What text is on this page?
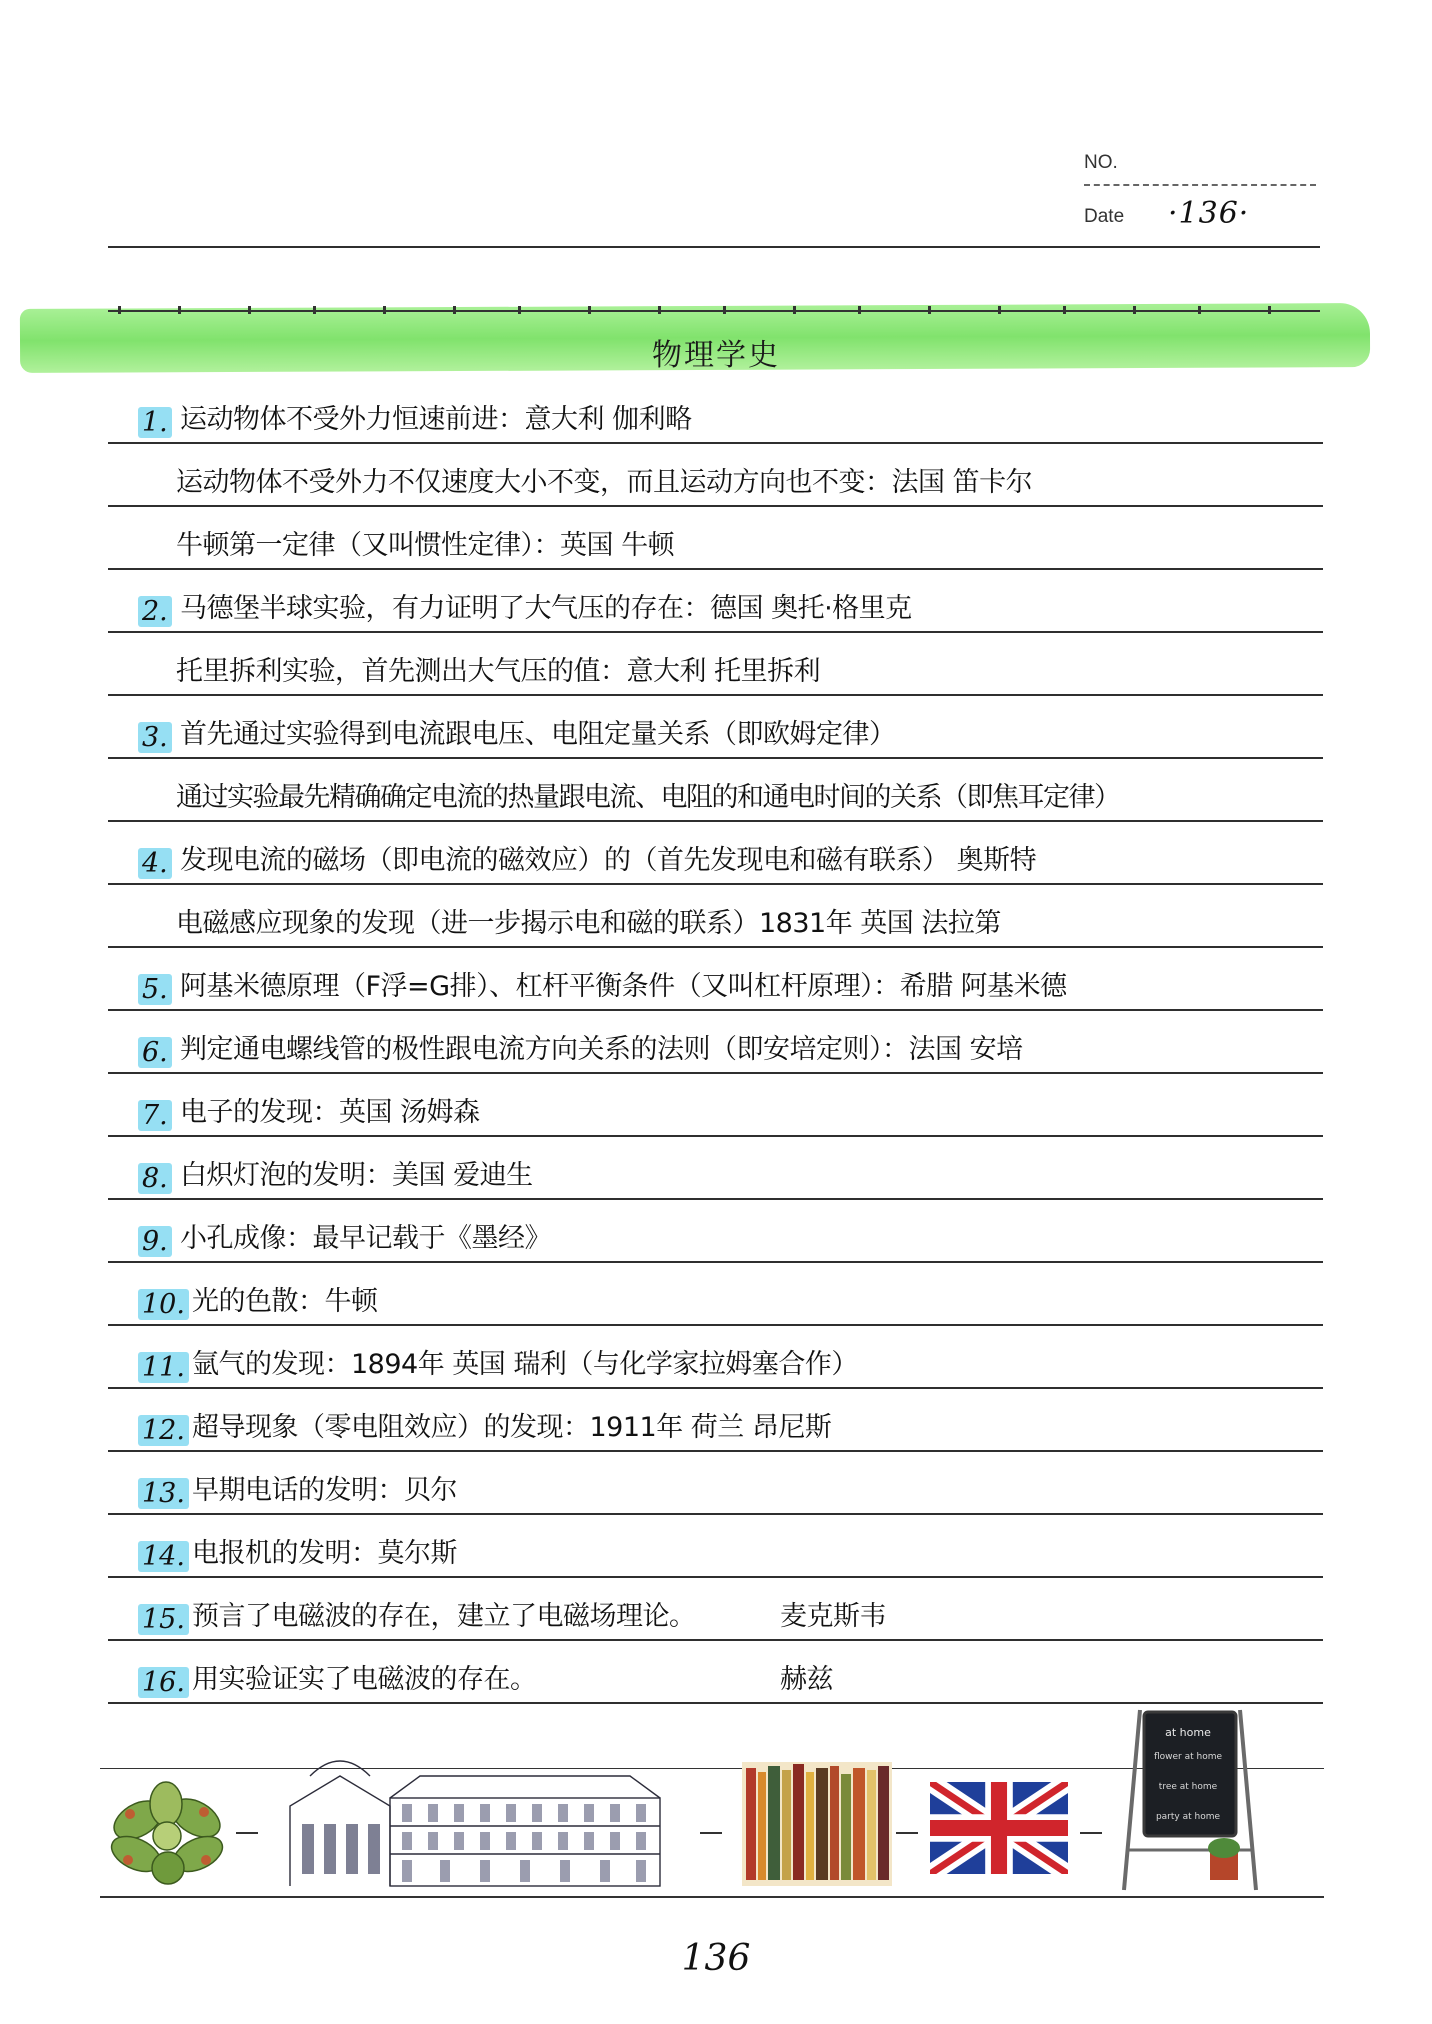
NO.
Date ·136·
物理学史
1. 运动物体不受外力恒速前进：意大利 伽利略
运动物体不受外力不仅速度大小不变，而且运动方向也不变：法国 笛卡尔
牛顿第一定律（又叫惯性定律）：英国 牛顿
2. 马德堡半球实验，有力证明了大气压的存在：德国 奥托·格里克
托里拆利实验，首先测出大气压的值：意大利 托里拆利
3. 首先通过实验得到电流跟电压、电阻定量关系（即欧姆定律）
通过实验最先精确确定电流的热量跟电流、电阻的和通电时间的关系（即焦耳定律）
4. 发现电流的磁场（即电流的磁效应）的（首先发现电和磁有联系） 奥斯特
电磁感应现象的发现（进一步揭示电和磁的联系）1831年 英国 法拉第
5. 阿基米德原理（F浮=G排）、杠杆平衡条件（又叫杠杆原理）：希腊 阿基米德
6. 判定通电螺线管的极性跟电流方向关系的法则（即安培定则）：法国 安培
7. 电子的发现：英国 汤姆森
8. 白炽灯泡的发明：美国 爱迪生
9. 小孔成像：最早记载于《墨经》
10. 光的色散：牛顿
11. 氩气的发现：1894年 英国 瑞利（与化学家拉姆塞合作）
12. 超导现象（零电阻效应）的发现：1911年 荷兰 昂尼斯
13. 早期电话的发明：贝尔
14. 电报机的发明：莫尔斯
15. 预言了电磁波的存在，建立了电磁场理论。	麦克斯韦
16. 用实验证实了电磁波的存在。	赫兹
at home
flower at home
tree at home
party at home
136
